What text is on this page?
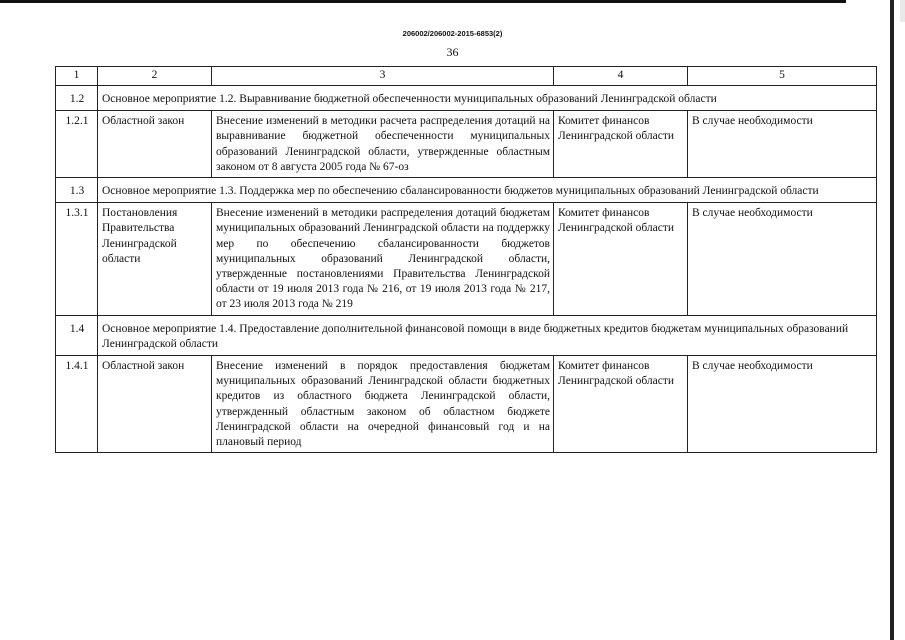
206002/206002-2015-6853(2)
36
1	2	3	4	5
1.2	Основное мероприятие 1.2. Выравнивание бюджетной обеспеченности муниципальных образований Ленинградской области			
1.2.1	Областной закон	Внесение изменений в методики расчета распределения дотаций на выравнивание бюджетной обеспеченности муниципальных образований Ленинградской области, утвержденные областным законом от 8 августа 2005 года № 67-оз	Комитет финансов Ленинградской области	В случае необходимости
1.3	Основное мероприятие 1.3. Поддержка мер по обеспечению сбалансированности бюджетов муниципальных образований Ленинградской области			
1.3.1	Постановления Правительства Ленинградской области	Внесение изменений в методики распределения дотаций бюджетам муниципальных образований Ленинградской области на поддержку мер по обеспечению сбалансированности бюджетов муниципальных образований Ленинградской области, утвержденные постановлениями Правительства Ленинградской области от 19 июля 2013 года № 216, от 19 июля 2013 года № 217, от 23 июля 2013 года № 219	Комитет финансов Ленинградской области	В случае необходимости
1.4	Основное мероприятие 1.4. Предоставление дополнительной финансовой помощи в виде бюджетных кредитов бюджетам муниципальных образований Ленинградской области			
1.4.1	Областной закон	Внесение изменений в порядок предоставления бюджетам муниципальных образований Ленинградской области бюджетных кредитов из областного бюджета Ленинградской области, утвержденный областным законом об областном бюджете Ленинградской области на очередной финансовый год и на плановый период	Комитет финансов Ленинградской области	В случае необходимости
